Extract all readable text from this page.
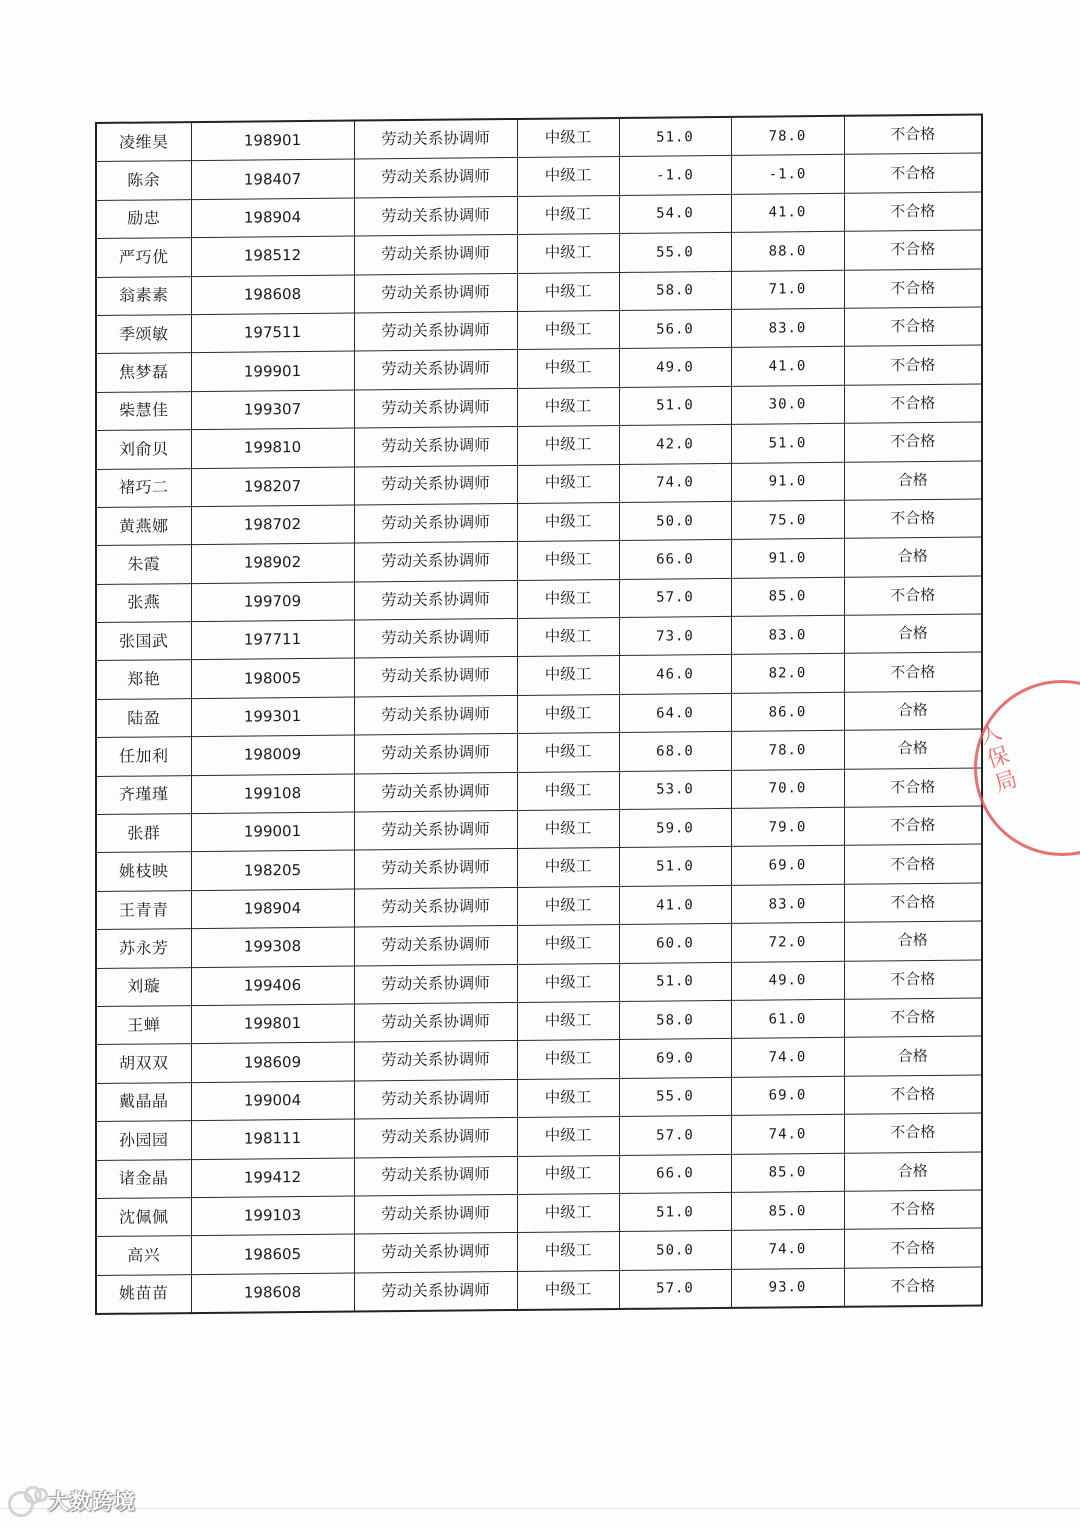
凌维昊	198901	劳动关系协调师	中级工	51.0	78.0	不合格
陈余	198407	劳动关系协调师	中级工	-1.0	-1.0	不合格
励忠	198904	劳动关系协调师	中级工	54.0	41.0	不合格
严巧优	198512	劳动关系协调师	中级工	55.0	88.0	不合格
翁素素	198608	劳动关系协调师	中级工	58.0	71.0	不合格
季颂敏	197511	劳动关系协调师	中级工	56.0	83.0	不合格
焦梦磊	199901	劳动关系协调师	中级工	49.0	41.0	不合格
柴慧佳	199307	劳动关系协调师	中级工	51.0	30.0	不合格
刘俞贝	199810	劳动关系协调师	中级工	42.0	51.0	不合格
褚巧二	198207	劳动关系协调师	中级工	74.0	91.0	合格
黄燕娜	198702	劳动关系协调师	中级工	50.0	75.0	不合格
朱霞	198902	劳动关系协调师	中级工	66.0	91.0	合格
张燕	199709	劳动关系协调师	中级工	57.0	85.0	不合格
张国武	197711	劳动关系协调师	中级工	73.0	83.0	合格
郑艳	198005	劳动关系协调师	中级工	46.0	82.0	不合格
陆盈	199301	劳动关系协调师	中级工	64.0	86.0	合格
任加利	198009	劳动关系协调师	中级工	68.0	78.0	合格
齐瑾瑾	199108	劳动关系协调师	中级工	53.0	70.0	不合格
张群	199001	劳动关系协调师	中级工	59.0	79.0	不合格
姚枝映	198205	劳动关系协调师	中级工	51.0	69.0	不合格
王青青	198904	劳动关系协调师	中级工	41.0	83.0	不合格
苏永芳	199308	劳动关系协调师	中级工	60.0	72.0	合格
刘璇	199406	劳动关系协调师	中级工	51.0	49.0	不合格
王蝉	199801	劳动关系协调师	中级工	58.0	61.0	不合格
胡双双	198609	劳动关系协调师	中级工	69.0	74.0	合格
戴晶晶	199004	劳动关系协调师	中级工	55.0	69.0	不合格
孙园园	198111	劳动关系协调师	中级工	57.0	74.0	不合格
诸金晶	199412	劳动关系协调师	中级工	66.0	85.0	合格
沈佩佩	199103	劳动关系协调师	中级工	51.0	85.0	不合格
高兴	198605	劳动关系协调师	中级工	50.0	74.0	不合格
姚苗苗	198608	劳动关系协调师	中级工	57.0	93.0	不合格
人保局
大数跨境
